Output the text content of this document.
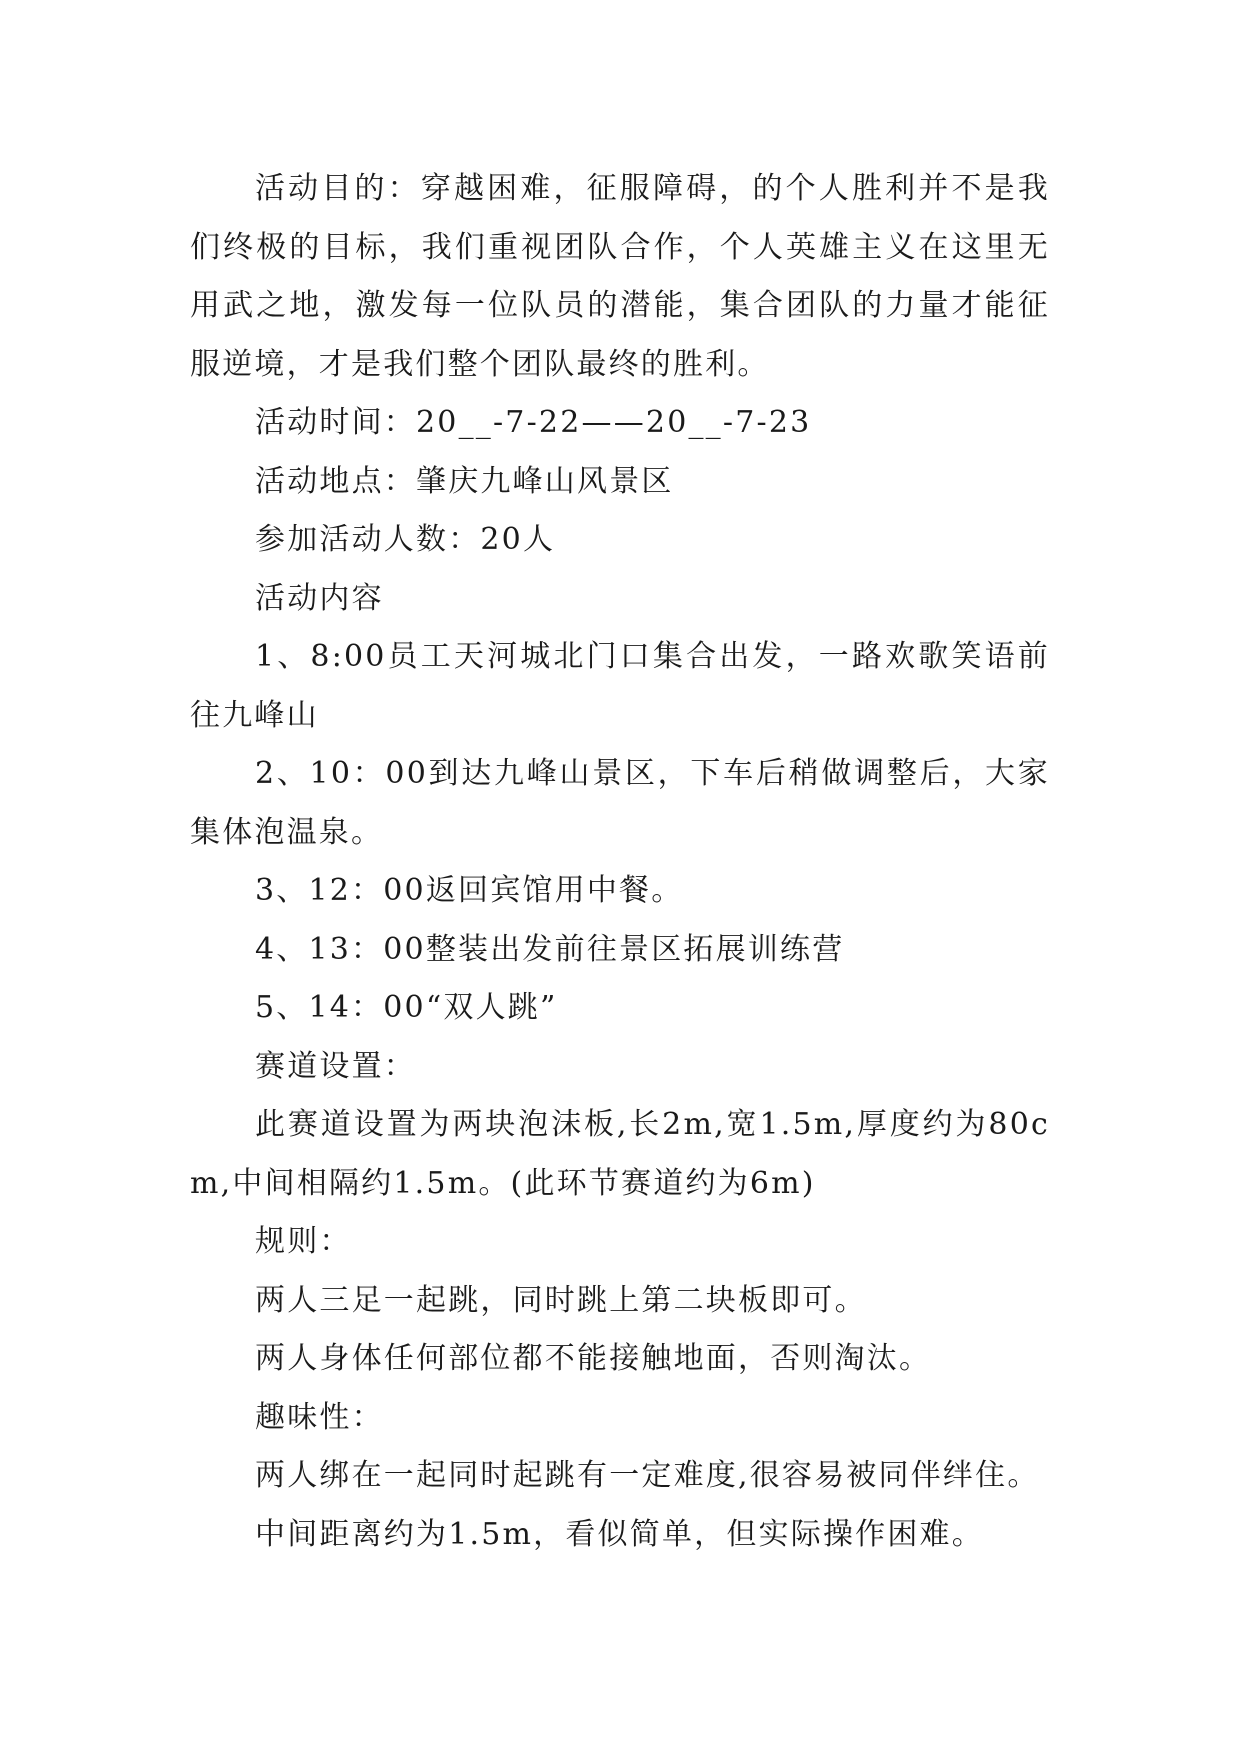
活动目的：穿越困难，征服障碍，的个人胜利并不是我们终极的目标，我们重视团队合作，个人英雄主义在这里无用武之地，激发每一位队员的潜能，集合团队的力量才能征服逆境，才是我们整个团队最终的胜利。

活动时间：20__-7-22——20__-7-23

活动地点：肇庆九峰山风景区

参加活动人数：20人

活动内容

1、8:00员工天河城北门口集合出发，一路欢歌笑语前往九峰山

2、10：00到达九峰山景区，下车后稍做调整后，大家集体泡温泉。

3、12：00返回宾馆用中餐。

4、13：00整装出发前往景区拓展训练营

5、14：00“双人跳”

赛道设置：

此赛道设置为两块泡沫板,长2m,宽1.5m,厚度约为80cm,中间相隔约1.5m。(此环节赛道约为6m)

规则：

两人三足一起跳，同时跳上第二块板即可。

两人身体任何部位都不能接触地面，否则淘汰。

趣味性：

两人绑在一起同时起跳有一定难度,很容易被同伴绊住。

中间距离约为1.5m，看似简单，但实际操作困难。
